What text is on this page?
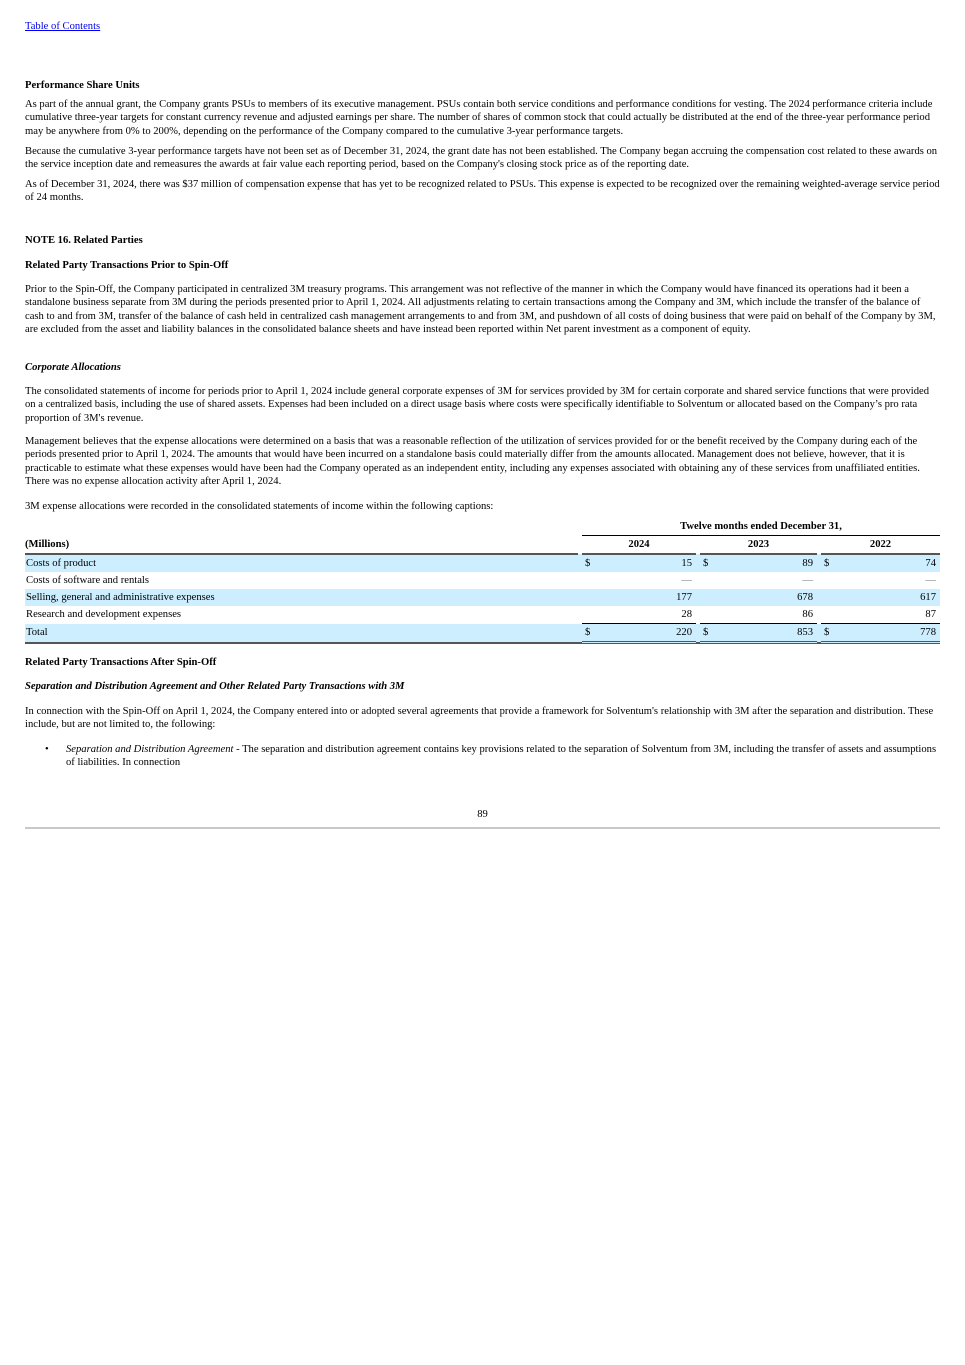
Table of Contents
Performance Share Units

As part of the annual grant, the Company grants PSUs to members of its executive management. PSUs contain both service conditions and performance conditions for vesting. The 2024 performance criteria include cumulative three-year targets for constant currency revenue and adjusted earnings per share. The number of shares of common stock that could actually be distributed at the end of the three-year performance period may be anywhere from 0% to 200%, depending on the performance of the Company compared to the cumulative 3-year performance targets.

Because the cumulative 3-year performance targets have not been set as of December 31, 2024, the grant date has not been established. The Company began accruing the compensation cost related to these awards on the service inception date and remeasures the awards at fair value each reporting period, based on the Company's closing stock price as of the reporting date.

As of December 31, 2024, there was $37 million of compensation expense that has yet to be recognized related to PSUs. This expense is expected to be recognized over the remaining weighted-average service period of 24 months.

NOTE 16. Related Parties
Related Party Transactions Prior to Spin-Off

Prior to the Spin-Off, the Company participated in centralized 3M treasury programs. This arrangement was not reflective of the manner in which the Company would have financed its operations had it been a standalone business separate from 3M during the periods presented prior to April 1, 2024. All adjustments relating to certain transactions among the Company and 3M, which include the transfer of the balance of cash to and from 3M, transfer of the balance of cash held in centralized cash management arrangements to and from 3M, and pushdown of all costs of doing business that were paid on behalf of the Company by 3M, are excluded from the asset and liability balances in the consolidated balance sheets and have instead been reported within Net parent investment as a component of equity.

Corporate Allocations

The consolidated statements of income for periods prior to April 1, 2024 include general corporate expenses of 3M for services provided by 3M for certain corporate and shared service functions that were provided on a centralized basis, including the use of shared assets. Expenses had been included on a direct usage basis where costs were specifically identifiable to Solventum or allocated based on the Company’s pro rata proportion of 3M's revenue.

Management believes that the expense allocations were determined on a basis that was a reasonable reflection of the utilization of services provided for or the benefit received by the Company during each of the periods presented prior to April 1, 2024. The amounts that would have been incurred on a standalone basis could materially differ from the amounts allocated. Management does not believe, however, that it is practicable to estimate what these expenses would have been had the Company operated as an independent entity, including any expenses associated with obtaining any of these services from unaffiliated entities. There was no expense allocation activity after April 1, 2024.

3M expense allocations were recorded in the consolidated statements of income within the following captions:

		Twelve months ended December 31,				
(Millions)		2024		2023		2022
Costs of product		$ 15		$ 89		$ 74

Costs of software and rentals		—		—		—
Selling, general and administrative expenses		177		678		617
Research and development expenses		28		86		87
Total		$ 220		$ 853		$ 778
Related Party Transactions After Spin-Off
Separation and Distribution Agreement and Other Related Party Transactions with 3M

In connection with the Spin-Off on April 1, 2024, the Company entered into or adopted several agreements that provide a framework for Solventum's relationship with 3M after the separation and distribution. These include, but are not limited to, the following:

• Separation and Distribution Agreement - The separation and distribution agreement contains key provisions related to the separation of Solventum from 3M, including the transfer of assets and assumptions of liabilities. In connection

89
